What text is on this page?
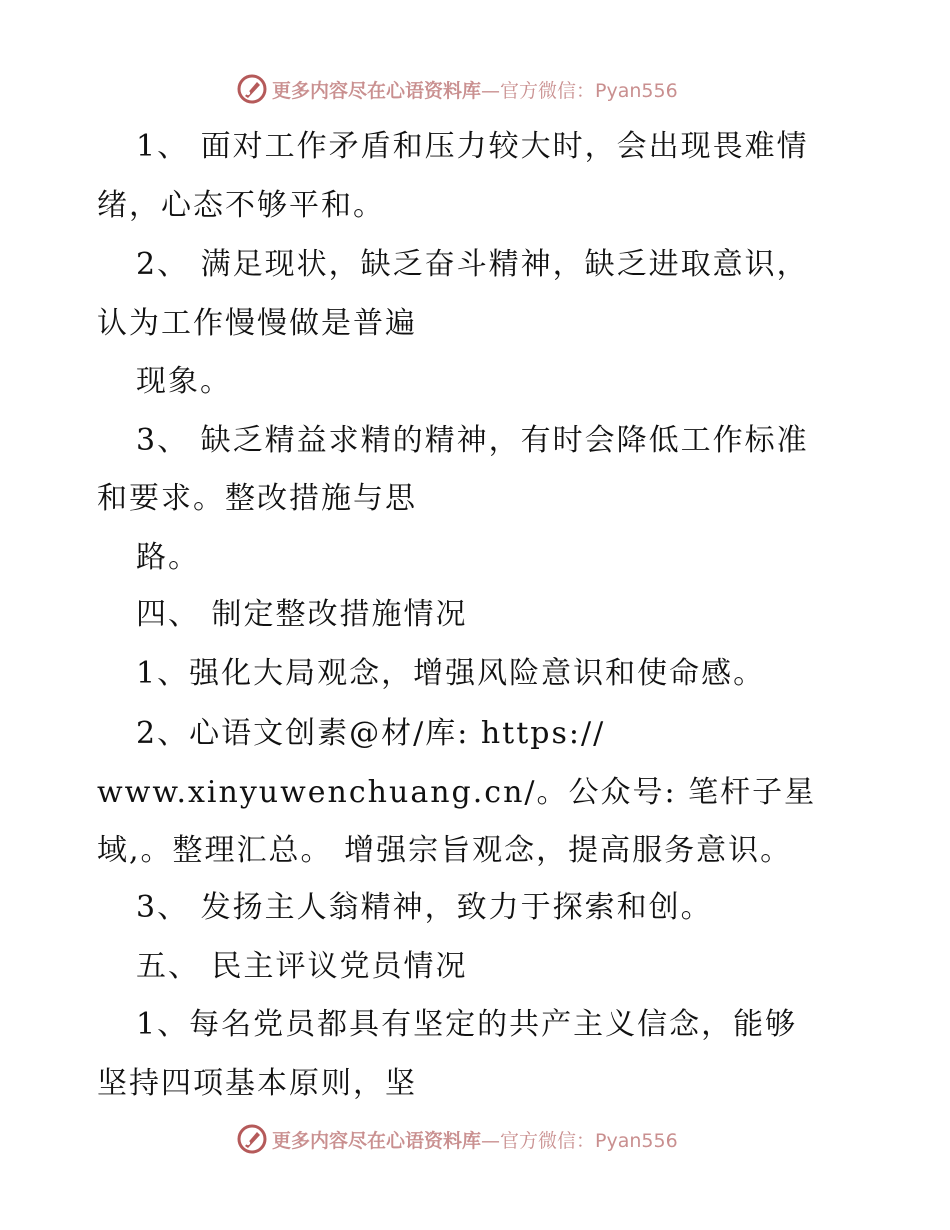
更多内容尽在心语资料库 —官方微信：Pyan556
1、 面对工作矛盾和压力较大时，会出现畏难情
绪，心态不够平和。
2、 满足现状，缺乏奋斗精神，缺乏进取意识，
认为工作慢慢做是普遍
现象。
3、 缺乏精益求精的精神，有时会降低工作标准
和要求。整改措施与思
路。
四、 制定整改措施情况
1、强化大局观念，增强风险意识和使命感。
2、心语文创素@材/库: https://
www.xinyuwenchuang.cn/。公众号: 笔杆子星
域,。整理汇总。 增强宗旨观念，提高服务意识。
3、 发扬主人翁精神，致力于探索和创。
五、 民主评议党员情况
1、每名党员都具有坚定的共产主义信念，能够
坚持四项基本原则，坚
更多内容尽在心语资料库 —官方微信：Pyan556
